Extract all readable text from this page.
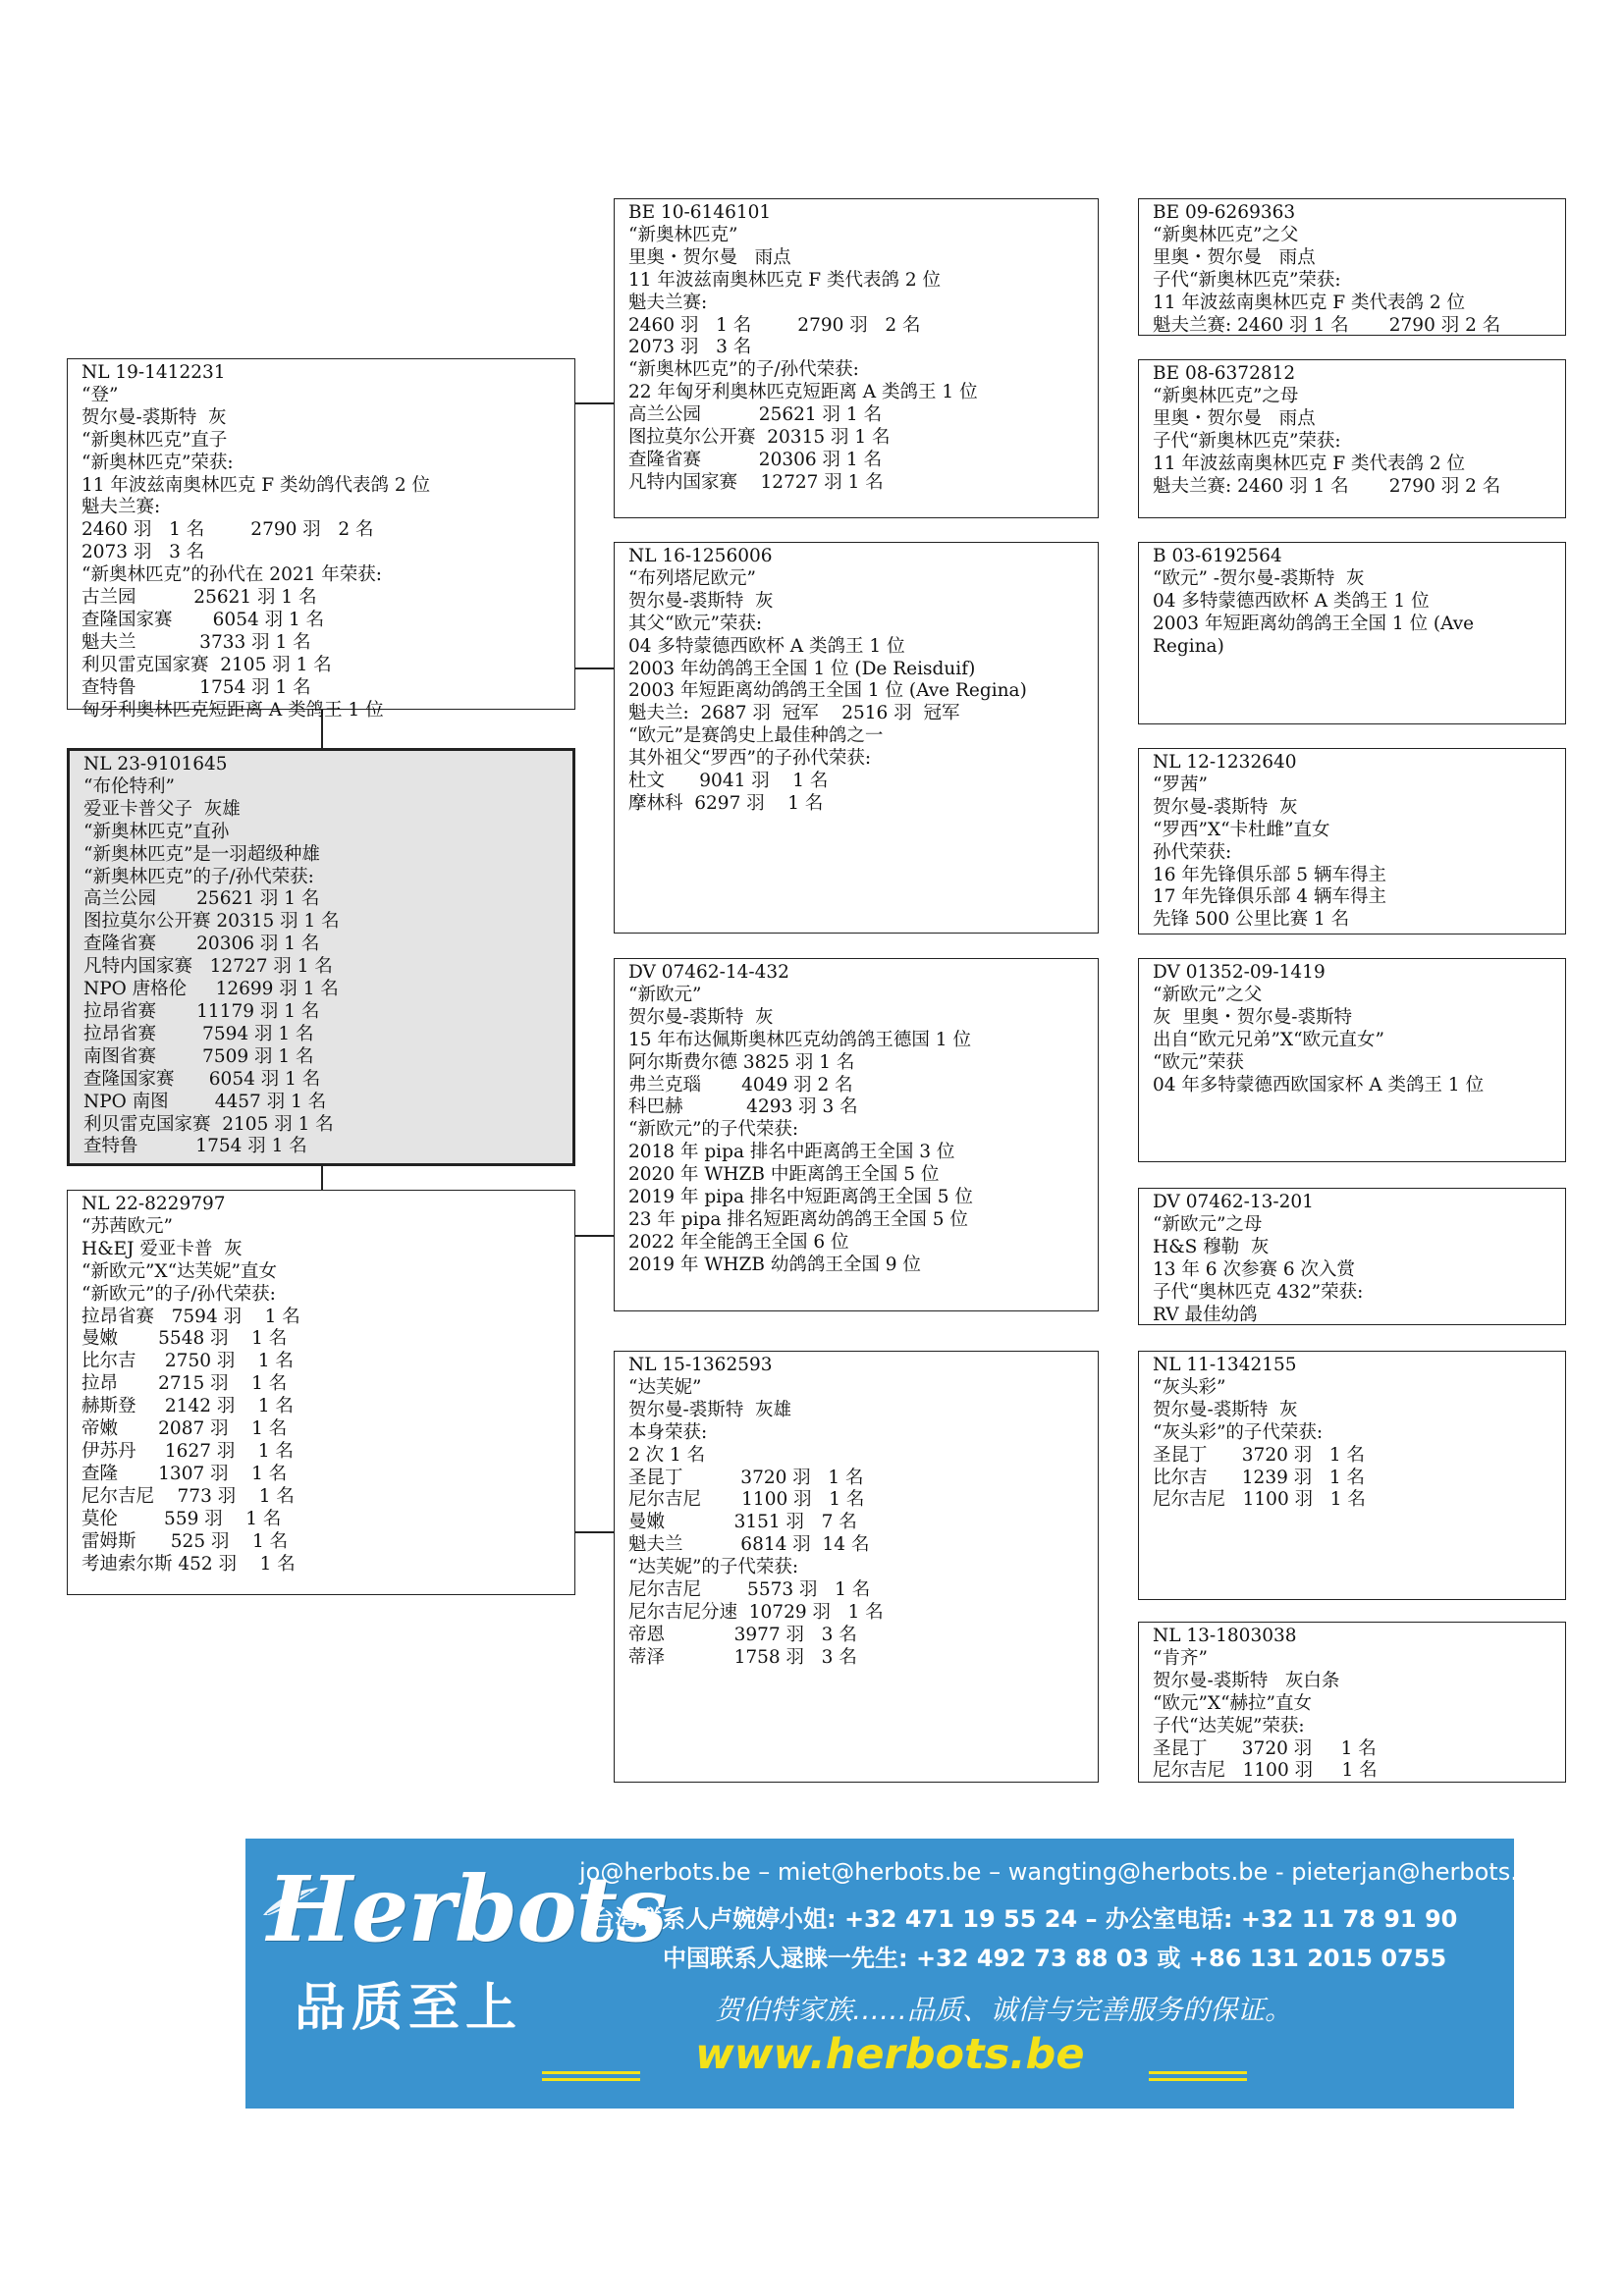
NL 23-9101645
“布伦特利”
爱亚卡普父子  灰雄
“新奥林匹克”直孙
“新奥林匹克”是一羽超级种雄
“新奥林匹克”的子/孙代荣获:
高兰公园       25621 羽 1 名
图拉莫尔公开赛 20315 羽 1 名
查隆省赛       20306 羽 1 名
凡特内国家赛   12727 羽 1 名
NPO 唐格伦     12699 羽 1 名
拉昂省赛       11179 羽 1 名
拉昂省赛        7594 羽 1 名
南图省赛        7509 羽 1 名
查隆国家赛      6054 羽 1 名
NPO 南图        4457 羽 1 名
利贝雷克国家赛  2105 羽 1 名
查特鲁          1754 羽 1 名
NL 19-1412231
“登”
贺尔曼-裘斯特  灰
“新奥林匹克”直子
“新奥林匹克”荣获:
11 年波兹南奥林匹克 F 类幼鸽代表鸽 2 位
魁夫兰赛:
2460 羽   1 名        2790 羽   2 名
2073 羽   3 名
“新奥林匹克”的孙代在 2021 年荣获:
古兰园          25621 羽 1 名
查隆国家赛       6054 羽 1 名
魁夫兰           3733 羽 1 名
利贝雷克国家赛  2105 羽 1 名
查特鲁           1754 羽 1 名
匈牙利奥林匹克短距离 A 类鸽王 1 位
NL 22-8229797
“苏茜欧元”
H&EJ 爱亚卡普  灰
“新欧元”X“达芙妮”直女
“新欧元”的子/孙代荣获:
拉昂省赛   7594 羽    1 名
曼嫩       5548 羽    1 名
比尔吉     2750 羽    1 名
拉昂       2715 羽    1 名
赫斯登     2142 羽    1 名
帝嫩       2087 羽    1 名
伊苏丹     1627 羽    1 名
查隆       1307 羽    1 名
尼尔吉尼    773 羽    1 名
莫伦        559 羽    1 名
雷姆斯      525 羽    1 名
考迪索尔斯 452 羽    1 名
BE 10-6146101
“新奥林匹克”
里奥・贺尔曼   雨点
11 年波兹南奥林匹克 F 类代表鸽 2 位
魁夫兰赛:
2460 羽   1 名        2790 羽   2 名
2073 羽   3 名
“新奥林匹克”的子/孙代荣获:
22 年匈牙利奥林匹克短距离 A 类鸽王 1 位
高兰公园          25621 羽 1 名
图拉莫尔公开赛  20315 羽 1 名
查隆省赛          20306 羽 1 名
凡特内国家赛    12727 羽 1 名
NL 16-1256006
“布列塔尼欧元”
贺尔曼-裘斯特  灰
其父“欧元”荣获:
04 多特蒙德西欧杯 A 类鸽王 1 位
2003 年幼鸽鸽王全国 1 位 (De Reisduif)
2003 年短距离幼鸽鸽王全国 1 位 (Ave Regina)
魁夫兰:  2687 羽  冠军    2516 羽  冠军
“欧元”是赛鸽史上最佳种鸽之一
其外祖父“罗西”的子孙代荣获:
杜文      9041 羽    1 名
摩林科  6297 羽    1 名
DV 07462-14-432
“新欧元”
贺尔曼-裘斯特  灰
15 年布达佩斯奥林匹克幼鸽鸽王德国 1 位
阿尔斯费尔德 3825 羽 1 名
弗兰克瑙       4049 羽 2 名
科巴赫           4293 羽 3 名
“新欧元”的子代荣获:
2018 年 pipa 排名中距离鸽王全国 3 位
2020 年 WHZB 中距离鸽王全国 5 位
2019 年 pipa 排名中短距离鸽王全国 5 位
23 年 pipa 排名短距离幼鸽鸽王全国 5 位
2022 年全能鸽王全国 6 位
2019 年 WHZB 幼鸽鸽王全国 9 位
NL 15-1362593
“达芙妮”
贺尔曼-裘斯特  灰雄
本身荣获:
2 次 1 名
圣昆丁          3720 羽   1 名
尼尔吉尼       1100 羽   1 名
曼嫩            3151 羽   7 名
魁夫兰          6814 羽  14 名
“达芙妮”的子代荣获:
尼尔吉尼        5573 羽   1 名
尼尔吉尼分速  10729 羽   1 名
帝恩            3977 羽   3 名
蒂泽            1758 羽   3 名
BE 09-6269363
“新奥林匹克”之父
里奥・贺尔曼   雨点
子代“新奥林匹克”荣获:
11 年波兹南奥林匹克 F 类代表鸽 2 位
魁夫兰赛: 2460 羽 1 名       2790 羽 2 名
BE 08-6372812
“新奥林匹克”之母
里奥・贺尔曼   雨点
子代“新奥林匹克”荣获:
11 年波兹南奥林匹克 F 类代表鸽 2 位
魁夫兰赛: 2460 羽 1 名       2790 羽 2 名
B 03-6192564
“欧元” -贺尔曼-裘斯特  灰
04 多特蒙德西欧杯 A 类鸽王 1 位
2003 年短距离幼鸽鸽王全国 1 位 (Ave
Regina)
NL 12-1232640
“罗茜”
贺尔曼-裘斯特  灰
“罗西”X“卡杜雌”直女
孙代荣获:
16 年先锋俱乐部 5 辆车得主
17 年先锋俱乐部 4 辆车得主
先锋 500 公里比赛 1 名
DV 01352-09-1419
“新欧元”之父
灰  里奥・贺尔曼-裘斯特
出自“欧元兄弟”X“欧元直女”
“欧元”荣获
04 年多特蒙德西欧国家杯 A 类鸽王 1 位
DV 07462-13-201
“新欧元”之母
H&S 穆勒  灰
13 年 6 次参赛 6 次入赏
子代“奥林匹克 432”荣获:
RV 最佳幼鸽
NL 11-1342155
“灰头彩”
贺尔曼-裘斯特  灰
“灰头彩”的子代荣获:
圣昆丁      3720 羽   1 名
比尔吉      1239 羽   1 名
尼尔吉尼   1100 羽   1 名
NL 13-1803038
“肯齐”
贺尔曼-裘斯特   灰白条
“欧元”X“赫拉”直女
子代“达芙妮”荣获:
圣昆丁      3720 羽     1 名
尼尔吉尼   1100 羽     1 名
Herbots
品质至上
jo@herbots.be – miet@herbots.be – wangting@herbots.be - pieterjan@herbots.be
台湾联系人卢婉婷小姐: +32 471 19 55 24 – 办公室电话: +32 11 78 91 90
中国联系人逯睐一先生: +32 492 73 88 03 或 +86 131 2015 0755
贺伯特家族……品质、诚信与完善服务的保证。
www.herbots.be
